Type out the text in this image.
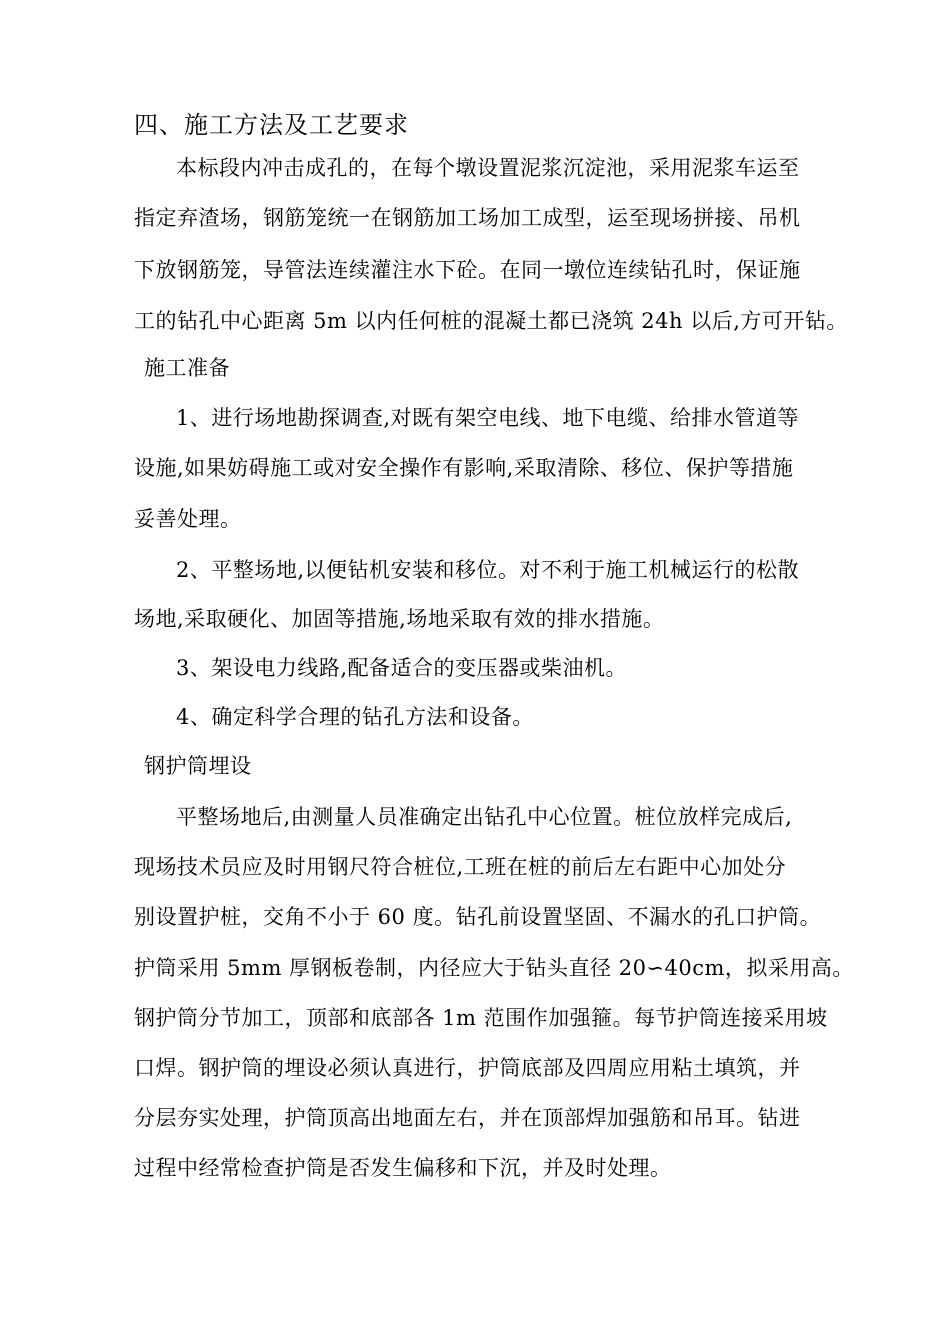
四、施工方法及工艺要求

本标段内冲击成孔的，在每个墩设置泥浆沉淀池，采用泥浆车运至

指定弃渣场，钢筋笼统一在钢筋加工场加工成型，运至现场拼接、吊机

下放钢筋笼，导管法连续灌注水下砼。在同一墩位连续钻孔时，保证施

工的钻孔中心距离 5m 以内任何桩的混凝土都已浇筑 24h 以后,方可开钻。

施工准备

1、进行场地勘探调查,对既有架空电线、地下电缆、给排水管道等

设施,如果妨碍施工或对安全操作有影响,采取清除、移位、保护等措施

妥善处理。

2、平整场地,以便钻机安装和移位。对不利于施工机械运行的松散

场地,采取硬化、加固等措施,场地采取有效的排水措施。

3、架设电力线路,配备适合的变压器或柴油机。

4、确定科学合理的钻孔方法和设备。

钢护筒埋设

平整场地后,由测量人员准确定出钻孔中心位置。桩位放样完成后,

现场技术员应及时用钢尺符合桩位,工班在桩的前后左右距中心加处分

别设置护桩，交角不小于 60 度。钻孔前设置坚固、不漏水的孔口护筒。

护筒采用 5mm 厚钢板卷制，内径应大于钻头直径 20∽40cm，拟采用高。

钢护筒分节加工，顶部和底部各 1m 范围作加强箍。每节护筒连接采用坡

口焊。钢护筒的埋设必须认真进行，护筒底部及四周应用粘土填筑，并

分层夯实处理，护筒顶高出地面左右，并在顶部焊加强筋和吊耳。钻进

过程中经常检查护筒是否发生偏移和下沉，并及时处理。
